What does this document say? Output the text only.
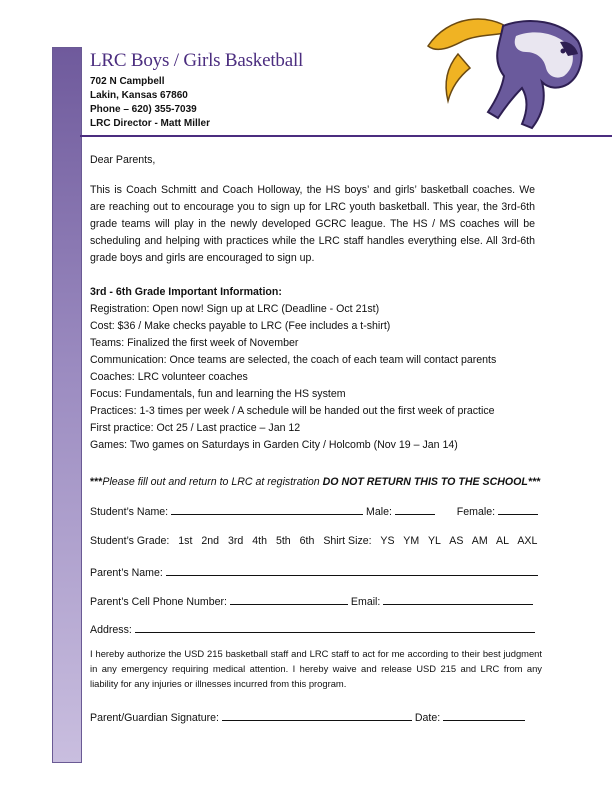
LRC Boys / Girls Basketball
702 N Campbell
Lakin, Kansas 67860
Phone – 620) 355-7039
LRC Director - Matt Miller
Dear Parents,
This is Coach Schmitt and Coach Holloway, the HS boys’ and girls’ basketball coaches. We are reaching out to encourage you to sign up for LRC youth basketball. This year, the 3rd-6th grade teams will play in the newly developed GCRC league. The HS / MS coaches will be scheduling and helping with practices while the LRC staff handles everything else. All 3rd-6th grade boys and girls are encouraged to sign up.
3rd - 6th Grade Important Information:
Registration: Open now! Sign up at LRC (Deadline - Oct 21st)
Cost: $36 / Make checks payable to LRC (Fee includes a t-shirt)
Teams: Finalized the first week of November
Communication: Once teams are selected, the coach of each team will contact parents
Coaches: LRC volunteer coaches
Focus: Fundamentals, fun and learning the HS system
Practices: 1-3 times per week / A schedule will be handed out the first week of practice
First practice: Oct 25 / Last practice – Jan 12
Games: Two games on Saturdays in Garden City / Holcomb (Nov 19 – Jan 14)
***Please fill out and return to LRC at registration DO NOT RETURN THIS TO THE SCHOOL***
Student’s Name:	Male:	Female:
Student’s Grade: 1st 2nd 3rd 4th 5th 6th Shirt Size: YS YM YL AS AM AL AXL
Parent’s Name:
Parent’s Cell Phone Number:	Email:
Address:
I hereby authorize the USD 215 basketball staff and LRC staff to act for me according to their best judgment in any emergency requiring medical attention. I hereby waive and release USD 215 and LRC from any liability for any injuries or illnesses incurred from this program.
Parent/Guardian Signature:	Date:
